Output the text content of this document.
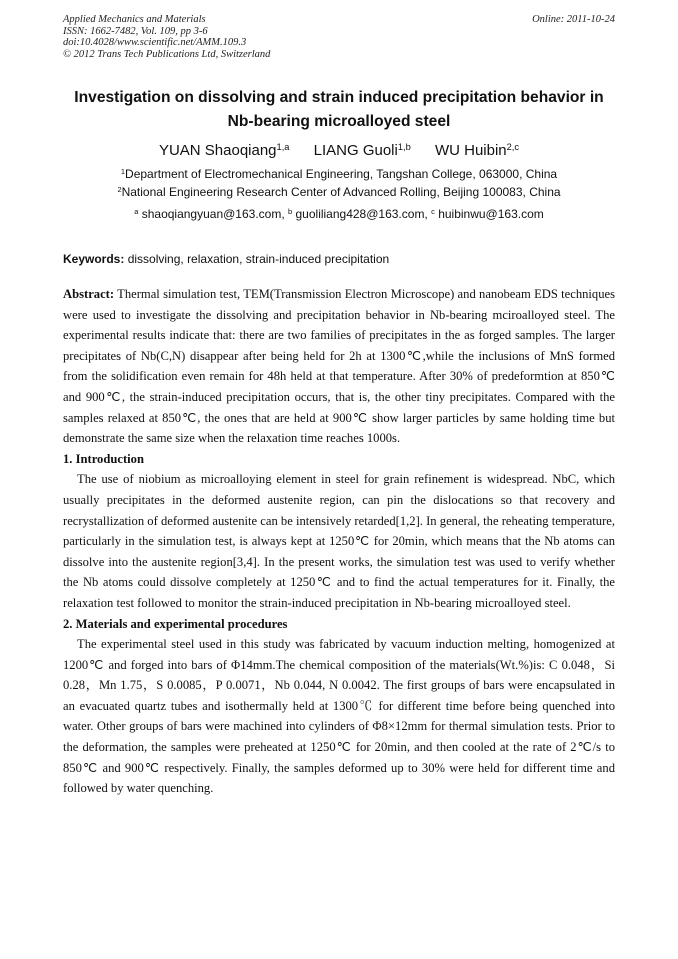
Applied Mechanics and Materials
ISSN: 1662-7482, Vol. 109, pp 3-6
doi:10.4028/www.scientific.net/AMM.109.3
© 2012 Trans Tech Publications Ltd, Switzerland
Online: 2011-10-24
Investigation on dissolving and strain induced precipitation behavior in
Nb-bearing microalloyed steel
YUAN Shaoqiang$^{1,a}$ LIANG Guoli$^{1,b}$ WU Huibin$^{2,c}$
$^1$Department of Electromechanical Engineering, Tangshan College, 063000, China
$^2$National Engineering Research Center of Advanced Rolling, Beijing 100083, China
$^a$ shaoqiangyuan@163.com, $^b$ guoliliang428@163.com, $^c$ huibinwu@163.com
Keywords: dissolving, relaxation, strain-induced precipitation

Abstract: Thermal simulation test, TEM(Transmission Electron Microscope) and nanobeam EDS techniques were used to investigate the dissolving and precipitation behavior in Nb-bearing mciroalloyed steel. The experimental results indicate that: there are two families of precipitates in the as forged samples. The larger precipitates of Nb(C,N) disappear after being held for 2h at 1300℃,while the inclusions of MnS formed from the solidification even remain for 48h held at that temperature. After 30% of predeformtion at 850℃ and 900℃, the strain-induced precipitation occurs, that is, the other tiny precipitates. Compared with the samples relaxed at 850℃, the ones that are held at 900℃ show larger particles by same holding time but demonstrate the same size when the relaxation time reaches 1000s.

1. Introduction

The use of niobium as microalloying element in steel for grain refinement is widespread. NbC, which usually precipitates in the deformed austenite region, can pin the dislocations so that recovery and recrystallization of deformed austenite can be intensively retarded[1,2]. In general, the reheating temperature, particularly in the simulation test, is always kept at 1250℃ for 20min, which means that the Nb atoms can dissolve into the austenite region[3,4]. In the present works, the simulation test was used to verify whether the Nb atoms could dissolve completely at 1250℃ and to find the actual temperatures for it. Finally, the relaxation test followed to monitor the strain-induced precipitation in Nb-bearing microalloyed steel.

2. Materials and experimental procedures

The experimental steel used in this study was fabricated by vacuum induction melting, homogenized at 1200℃ and forged into bars of Φ14mm.The chemical composition of the materials(Wt.%)is: C 0.048，Si 0.28，Mn 1.75，S 0.0085，P 0.0071，Nb 0.044, N 0.0042. The first groups of bars were encapsulated in an evacuated quartz tubes and isothermally held at 1300℃ for different time before being quenched into water. Other groups of bars were machined into cylinders of Φ8×12mm for thermal simulation tests. Prior to the deformation, the samples were preheated at 1250℃ for 20min, and then cooled at the rate of 2℃/s to 850℃ and 900℃ respectively. Finally, the samples deformed up to 30% were held for different time and followed by water quenching.
